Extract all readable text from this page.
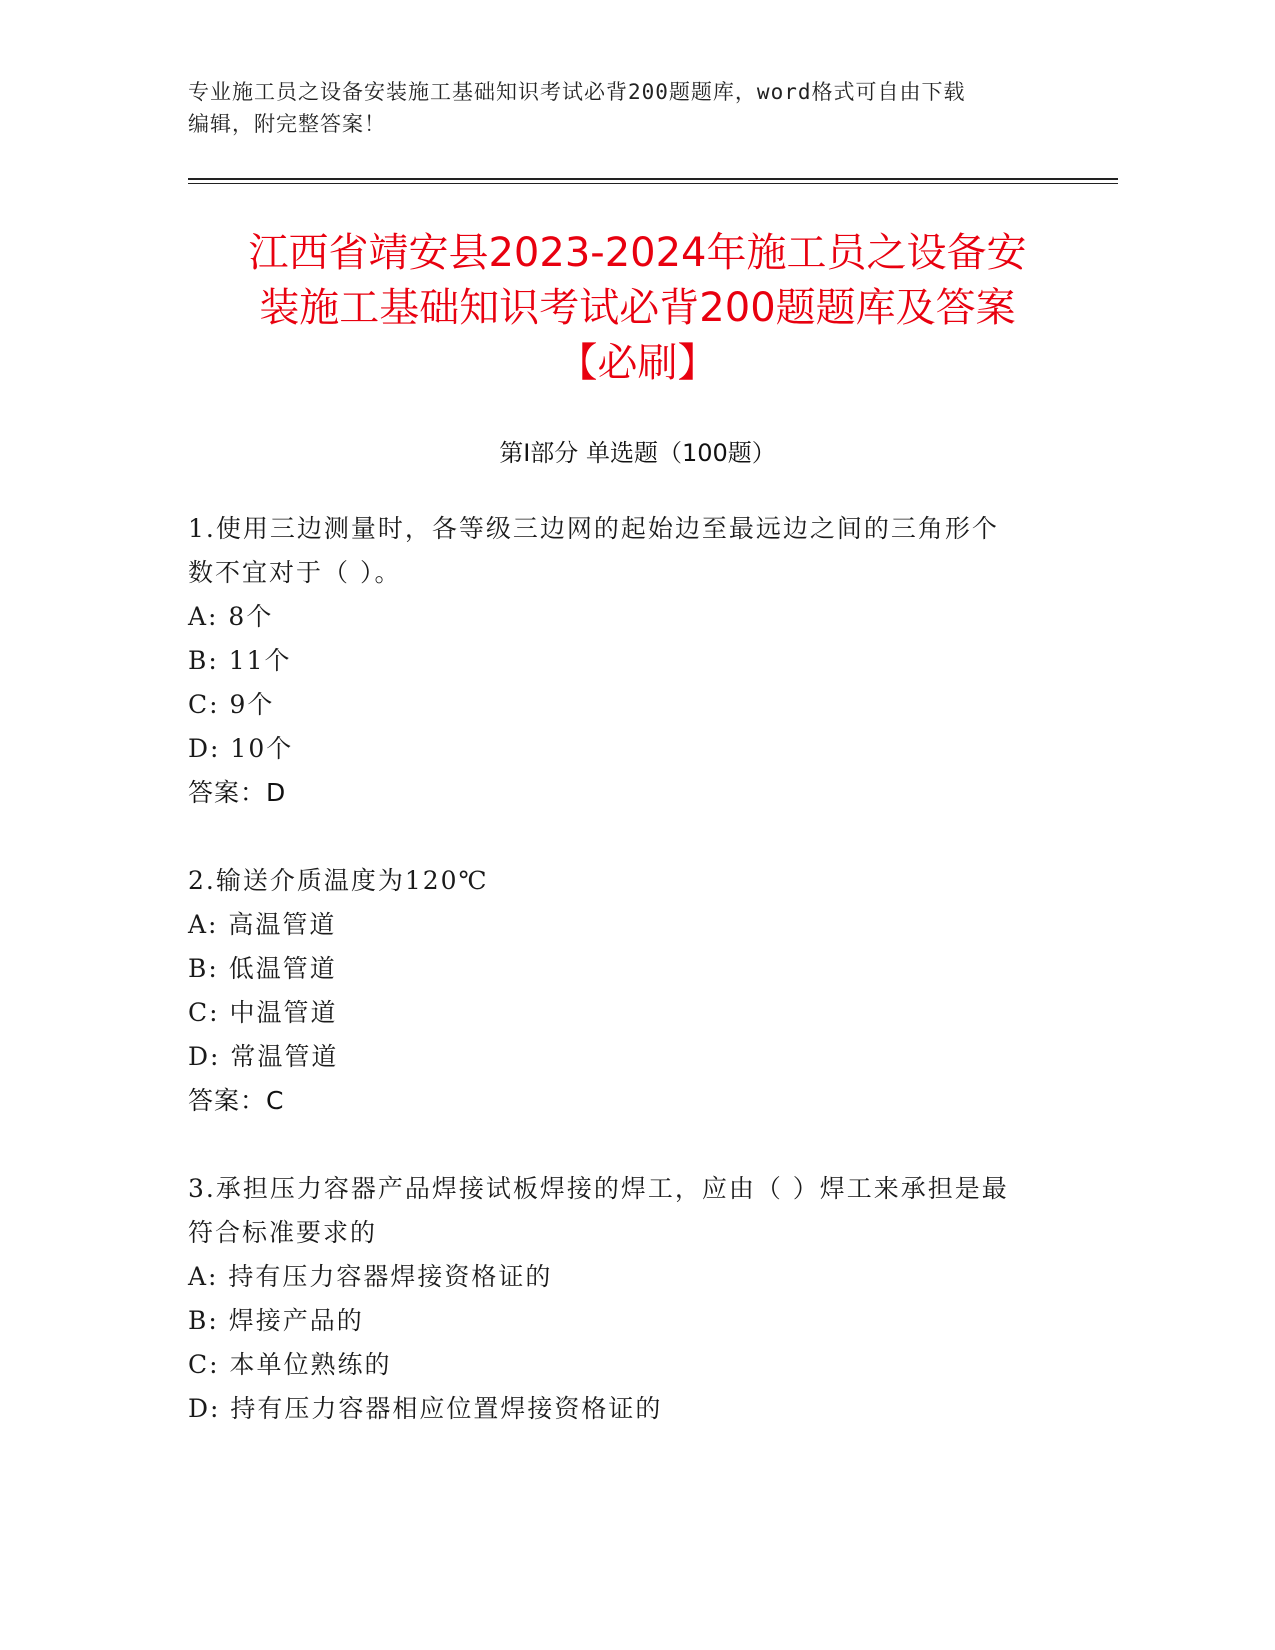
专业施工员之设备安装施工基础知识考试必背200题题库，word格式可自由下载
编辑，附完整答案！
江西省靖安县2023-2024年施工员之设备安
装施工基础知识考试必背200题题库及答案
【必刷】
第I部分 单选题（100题）
1.使用三边测量时，各等级三边网的起始边至最远边之间的三角形个
数不宜对于（ ）。
A: 8个
B: 11个
C: 9个
D: 10个
答案：D
2.输送介质温度为120℃
A: 高温管道
B: 低温管道
C: 中温管道
D: 常温管道
答案：C
3.承担压力容器产品焊接试板焊接的焊工，应由（ ）焊工来承担是最
符合标准要求的
A: 持有压力容器焊接资格证的
B: 焊接产品的
C: 本单位熟练的
D: 持有压力容器相应位置焊接资格证的
